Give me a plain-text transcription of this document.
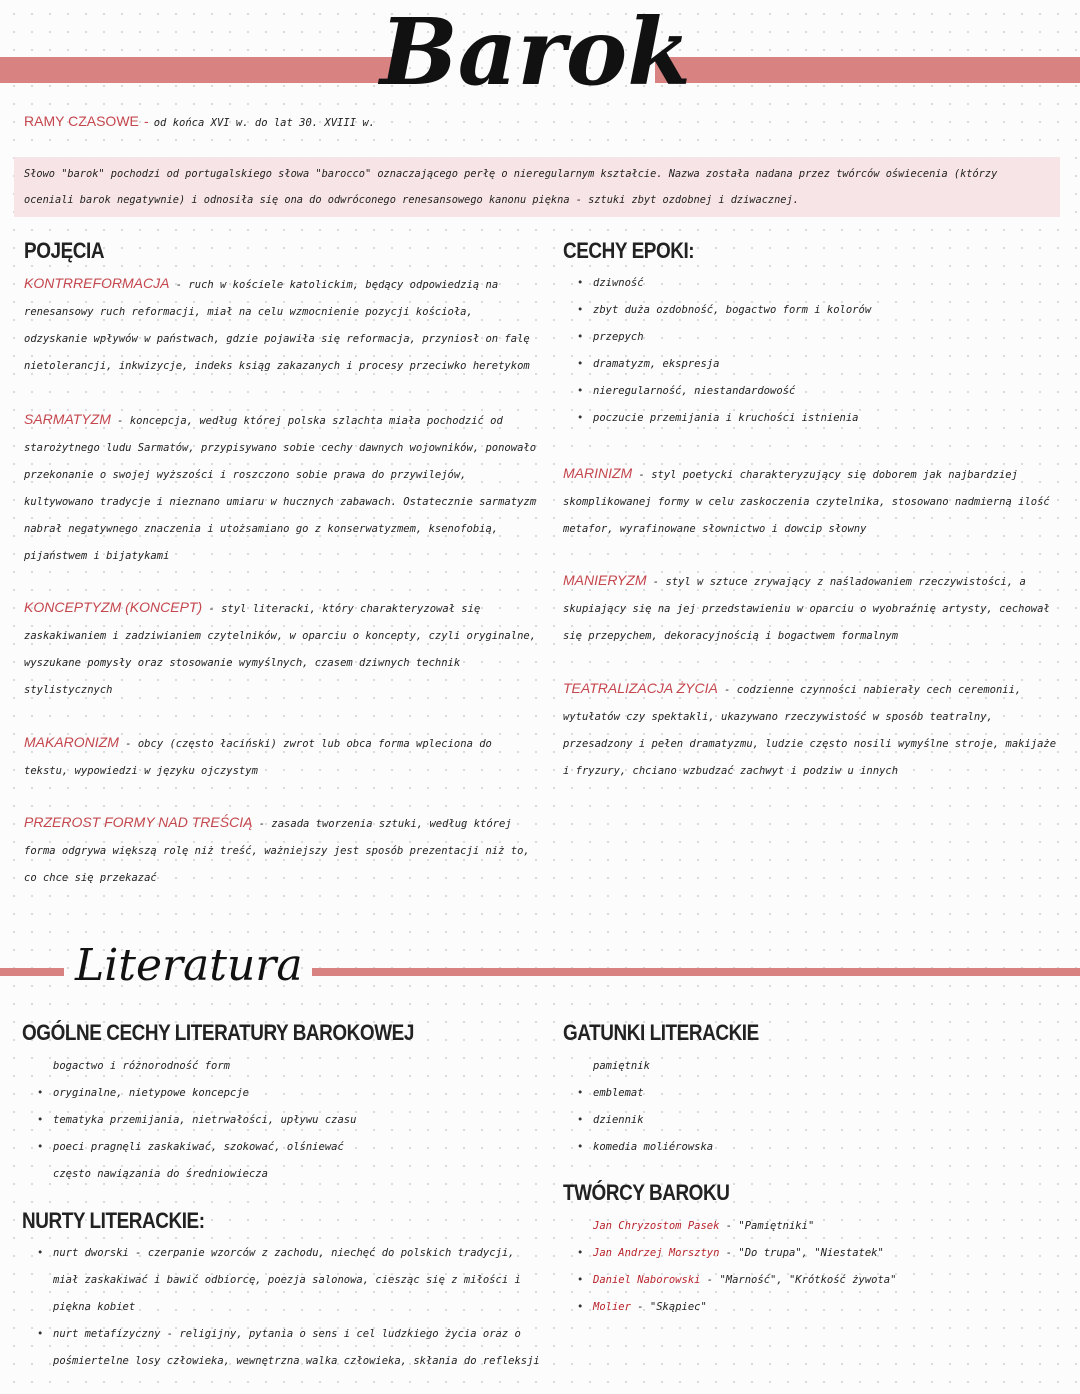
Barok
RAMY CZASOWE - od końca XVI w. do lat 30. XVIII w.

Słowo "barok" pochodzi od portugalskiego słowa "barocco" oznaczającego perłę o nieregularnym kształcie. Nazwa została nadana przez twórców oświecenia (którzy oceniali barok negatywnie) i odnosiła się ona do odwróconego renesansowego kanonu piękna - sztuki zbyt ozdobnej i dziwacznej.

POJĘCIA

KONTRREFORMACJA - ruch w kościele katolickim, będący odpowiedzią na renesansowy ruch reformacji, miał na celu wzmocnienie pozycji kościoła, odzyskanie wpływów w państwach, gdzie pojawiła się reformacja, przyniosł on falę nietolerancji, inkwizycje, indeks ksiąg zakazanych i procesy przeciwko heretykom

SARMATYZM - koncepcja, według której polska szlachta miała pochodzić od starożytnego ludu Sarmatów, przypisywano sobie cechy dawnych wojowników, ponowało przekonanie o swojej wyższości i roszczono sobie prawa do przywilejów, kultywowano tradycje i nieznano umiaru w hucznych zabawach. Ostatecznie sarmatyzm nabrał negatywnego znaczenia i utożsamiano go z konserwatyzmem, ksenofobią, pijaństwem i bijatykami

KONCEPTYZM (KONCEPT) - styl literacki, który charakteryzował się zaskakiwaniem i zadziwianiem czytelników, w oparciu o koncepty, czyli oryginalne, wyszukane pomysły oraz stosowanie wymyślnych, czasem dziwnych technik stylistycznych

MAKARONIZM - obcy (często łaciński) zwrot lub obca forma wpleciona do tekstu, wypowiedzi w języku ojczystym

PRZEROST FORMY NAD TREŚCIĄ - zasada tworzenia sztuki, według której forma odgrywa większą rolę niż treść, ważniejszy jest sposób prezentacji niż to, co chce się przekazać

CECHY EPOKI:
• dziwność
• zbyt duża ozdobność, bogactwo form i kolorów
• przepych
• dramatyzm, ekspresja
• nieregularność, niestandardowość
• poczucie przemijania i kruchości istnienia

MARINIZM - styl poetycki charakteryzujący się doborem jak najbardziej skomplikowanej formy w celu zaskoczenia czytelnika, stosowano nadmierną ilość metafor, wyrafinowane słownictwo i dowcip słowny

MANIERYZM - styl w sztuce zrywający z naśladowaniem rzeczywistości, a skupiający się na jej przedstawieniu w oparciu o wyobraźnię artysty, cechował się przepychem, dekoracyjnością i bogactwem formalnym

TEATRALIZACJA ŻYCIA - codzienne czynności nabierały cech ceremonii, wytułatów czy spektakli, ukazywano rzeczywistość w sposób teatralny, przesadzony i pełen dramatyzmu, ludzie często nosili wymyślne stroje, makijaże i fryzury, chciano wzbudzać zachwyt i podziw u innych

Literatura
OGÓLNE CECHY LITERATURY BAROKOWEJ
bogactwo i różnorodność form
• oryginalne, nietypowe koncepcje
• tematyka przemijania, nietrwałości, upływu czasu
• poeci pragnęli zaskakiwać, szokować, olśniewać
często nawiązania do średniowiecza
NURTY LITERACKIE:
• nurt dworski - czerpanie wzorców z zachodu, niechęć do polskich tradycji, miał zaskakiwać i bawić odbiorcę, poezja salonowa, ciesząc się z miłości i piękna kobiet
• nurt metafizyczny - religijny, pytania o sens i cel ludzkiego życia oraz o pośmiertelne losy człowieka, wewnętrzna walka człowieka, skłania do refleksji
GATUNKI LITERACKIE
pamiętnik
• emblemat
• dziennik
• komedia moliérowska
TWÓRCY BAROKU
Jan Chryzostom Pasek - "Pamiętniki"
• Jan Andrzej Morsztyn - "Do trupa", "Niestatek"
• Daniel Naborowski - "Marność", "Krótkość żywota"
• Molier - "Skąpiec"
